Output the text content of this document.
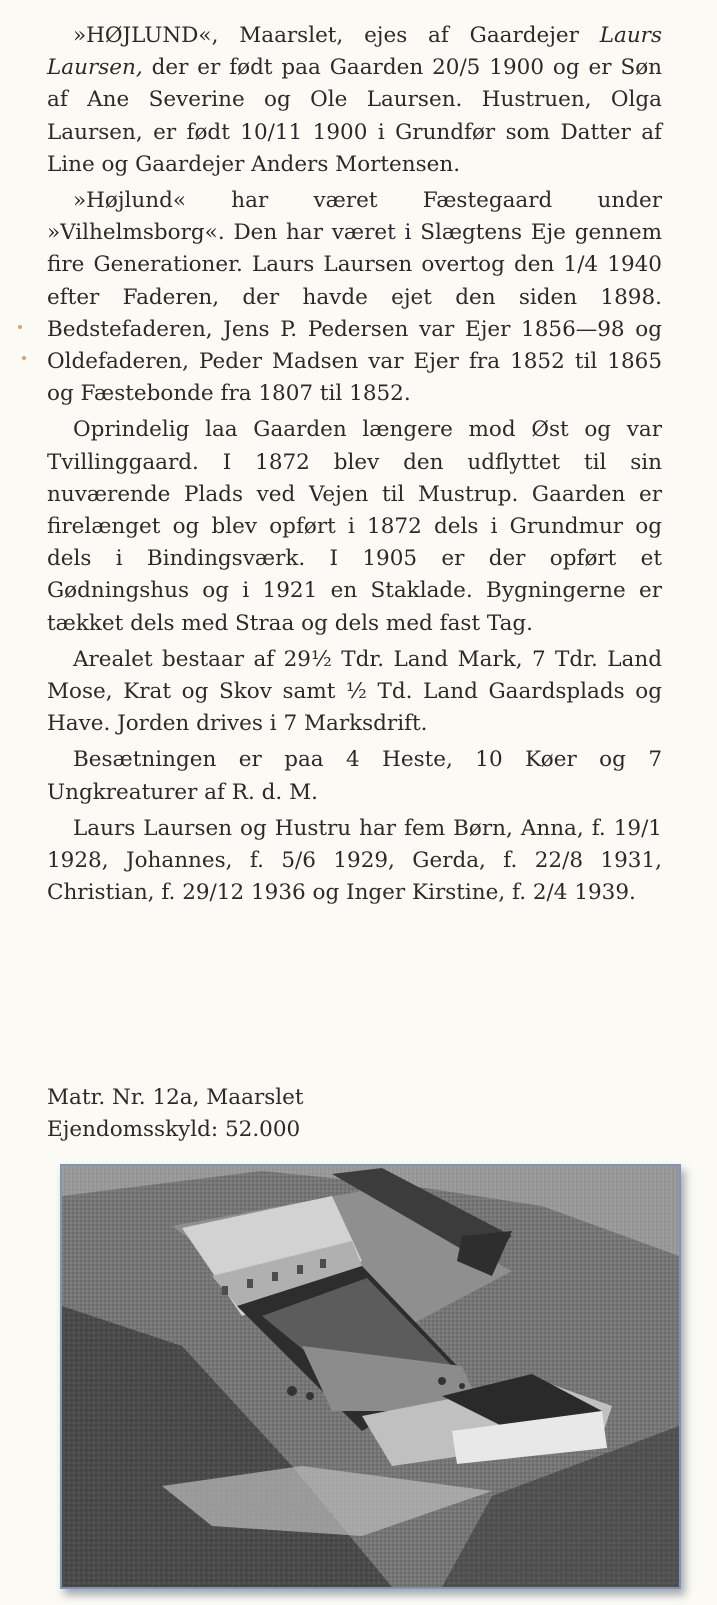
»HØJLUND«, Maarslet, ejes af Gaardejer Laurs Laursen, der er født paa Gaarden 20/5 1900 og er Søn af Ane Severine og Ole Laursen. Hustruen, Olga Laursen, er født 10/11 1900 i Grundfør som Datter af Line og Gaardejer Anders Mortensen.

»Højlund« har været Fæstegaard under »Vilhelmsborg«. Den har været i Slægtens Eje gennem fire Generationer. Laurs Laursen overtog den 1/4 1940 efter Faderen, der havde ejet den siden 1898. Bedstefaderen, Jens P. Pedersen var Ejer 1856—98 og Oldefaderen, Peder Madsen var Ejer fra 1852 til 1865 og Fæstebonde fra 1807 til 1852.

Oprindelig laa Gaarden længere mod Øst og var Tvillinggaard. I 1872 blev den udflyttet til sin nuværende Plads ved Vejen til Mustrup. Gaarden er firelænget og blev opført i 1872 dels i Grundmur og dels i Bindingsværk. I 1905 er der opført et Gødningshus og i 1921 en Staklade. Bygningerne er tækket dels med Straa og dels med fast Tag.

Arealet bestaar af 29½ Tdr. Land Mark, 7 Tdr. Land Mose, Krat og Skov samt ½ Td. Land Gaardsplads og Have. Jorden drives i 7 Marksdrift.

Besætningen er paa 4 Heste, 10 Køer og 7 Ungkreaturer af R. d. M.

Laurs Laursen og Hustru har fem Børn, Anna, f. 19/1 1928, Johannes, f. 5/6 1929, Gerda, f. 22/8 1931, Christian, f. 29/12 1936 og Inger Kirstine, f. 2/4 1939.

Matr. Nr. 12a, Maarslet
Ejendomsskyld: 52.000
